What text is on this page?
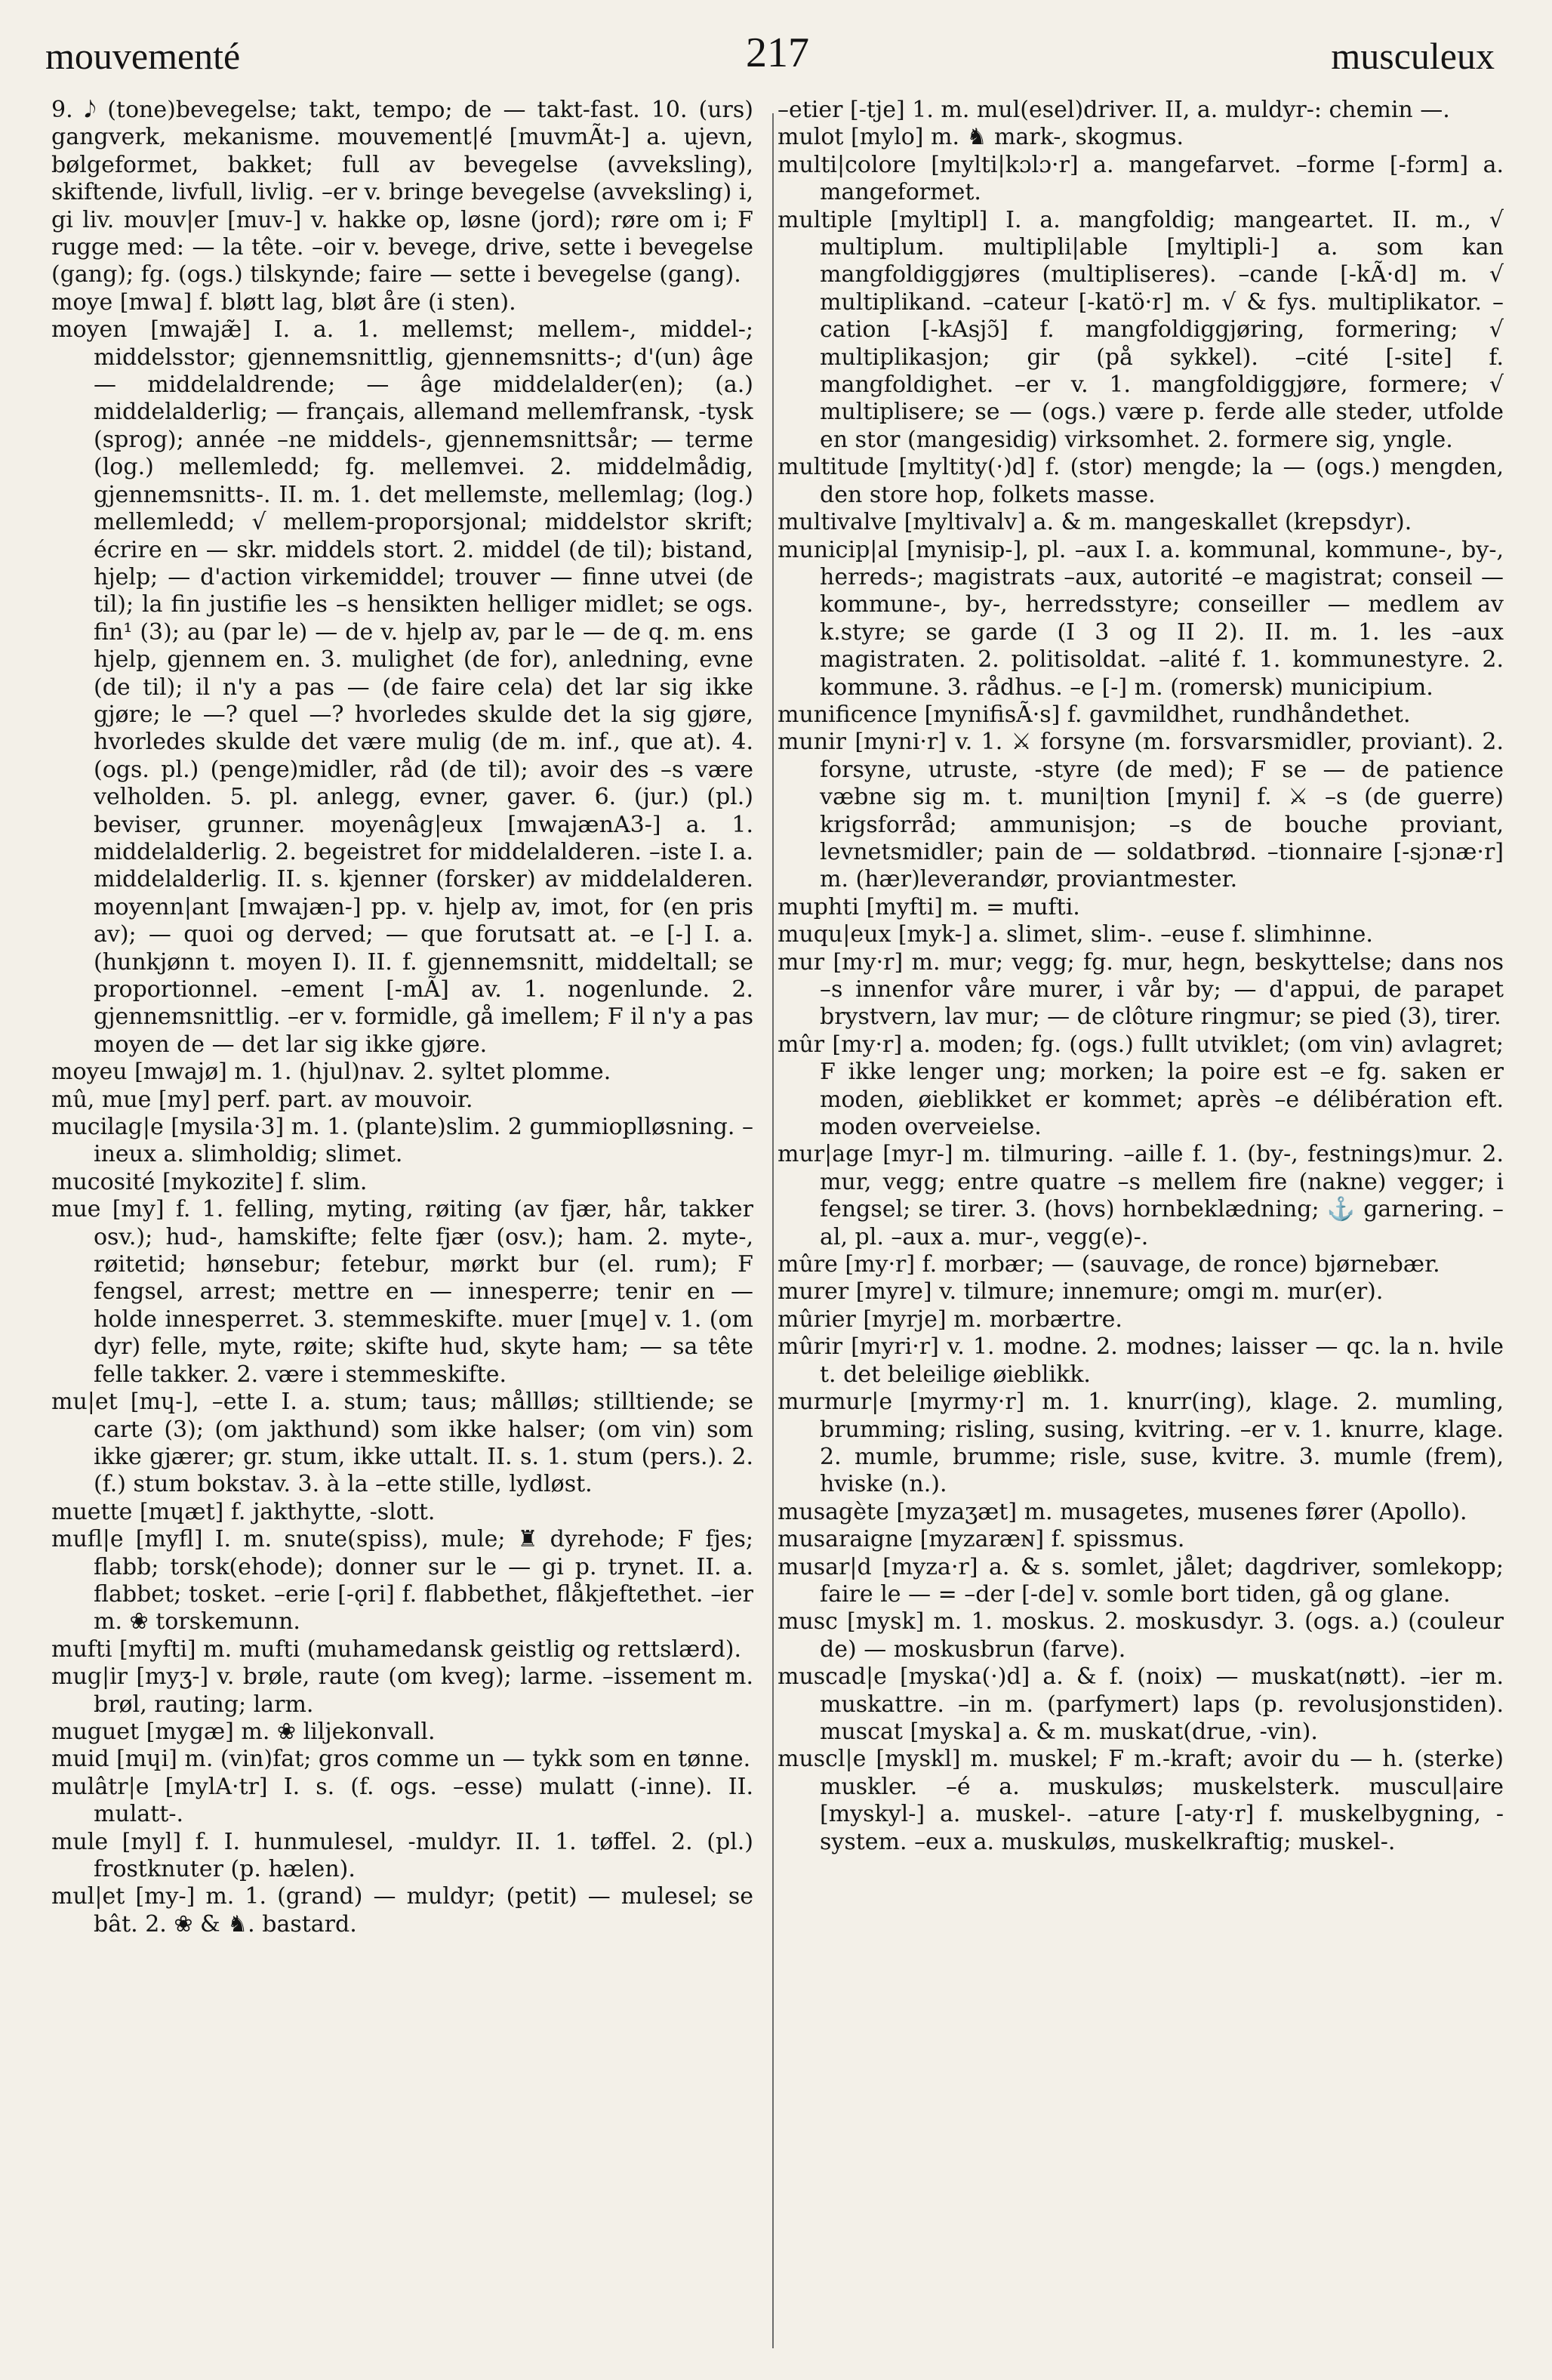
mouvementé	217	musculeux

9. 𝅘𝅥𝅮 (tone)bevegelse; takt, tempo; de — takt-fast. 10. (urs) gangverk, mekanisme. mouvement|é [muvmÃt-] a. ujevn, bølgeformet, bakket; full av bevegelse (avveksling), skiftende, livfull, livlig. –er v. bringe bevegelse (avveksling) i, gi liv. mouv|er [muv-] v. hakke op, løsne (jord); røre om i; F rugge med: — la tête. –oir v. bevege, drive, sette i bevegelse (gang); fg. (ogs.) tilskynde; faire — sette i bevegelse (gang).

moye [mwa] f. bløtt lag, bløt åre (i sten).

moyen [mwajæ̃] I. a. 1. mellemst; mellem-, middel-; middelsstor; gjennemsnittlig, gjennemsnitts-; d'(un) âge — middelaldrende; — âge middelalder(en); (a.) middelalderlig; — français, allemand mellemfransk, -tysk (sprog); année –ne middels-, gjennemsnittsår; — terme (log.) mellemledd; fg. mellemvei. 2. middelmådig, gjennemsnitts-. II. m. 1. det mellemste, mellemlag; (log.) mellemledd; √ mellem-proporsjonal; middelstor skrift; écrire en — skr. middels stort. 2. middel (de til); bistand, hjelp; — d'action virkemiddel; trouver — finne utvei (de til); la fin justifie les –s hensikten helliger midlet; se ogs. fin¹ (3); au (par le) — de v. hjelp av, par le — de q. m. ens hjelp, gjennem en. 3. mulighet (de for), anledning, evne (de til); il n'y a pas — (de faire cela) det lar sig ikke gjøre; le —? quel —? hvorledes skulde det la sig gjøre, hvorledes skulde det være mulig (de m. inf., que at). 4. (ogs. pl.) (penge)midler, råd (de til); avoir des –s være velholden. 5. pl. anlegg, evner, gaver. 6. (jur.) (pl.) beviser, grunner. moyenâg|eux [mwajænA3-] a. 1. middelalderlig. 2. begeistret for middelalderen. –iste I. a. middelalderlig. II. s. kjenner (forsker) av middelalderen. moyenn|ant [mwajæn-] pp. v. hjelp av, imot, for (en pris av); — quoi og derved; — que forutsatt at. –e [-] I. a. (hunkjønn t. moyen I). II. f. gjennemsnitt, middeltall; se proportionnel. –ement [-mÃ] av. 1. nogenlunde. 2. gjennemsnittlig. –er v. formidle, gå imellem; F il n'y a pas moyen de — det lar sig ikke gjøre.

moyeu [mwajø] m. 1. (hjul)nav. 2. syltet plomme.

mû, mue [my] perf. part. av mouvoir.

mucilag|e [mysila·3] m. 1. (plante)slim. 2 gummioplløsning. –ineux a. slimholdig; slimet.

mucosité [mykozite] f. slim.

mue [my] f. 1. felling, myting, røiting (av fjær, hår, takker osv.); hud-, hamskifte; felte fjær (osv.); ham. 2. myte-, røitetid; hønsebur; fetebur, mørkt bur (el. rum); F fengsel, arrest; mettre en — innesperre; tenir en — holde innesperret. 3. stemmeskifte. muer [mɥe] v. 1. (om dyr) felle, myte, røite; skifte hud, skyte ham; — sa tête felle takker. 2. være i stemmeskifte.

mu|et [mɥ-], –ette I. a. stum; taus; mållløs; stilltiende; se carte (3); (om jakthund) som ikke halser; (om vin) som ikke gjærer; gr. stum, ikke uttalt. II. s. 1. stum (pers.). 2. (f.) stum bokstav. 3. à la –ette stille, lydløst.

muette [mɥæt] f. jakthytte, -slott.

mufl|e [myfl] I. m. snute(spiss), mule; ♜ dyrehode; F fjes; flabb; torsk(ehode); donner sur le — gi p. trynet. II. a. flabbet; tosket. –erie [-ǫri] f. flabbethet, flåkjeftethet. –ier m. ❀ torskemunn.

mufti [myfti] m. mufti (muhamedansk geistlig og rettslærd).

mug|ir [myʒ-] v. brøle, raute (om kveg); larme. –issement m. brøl, rauting; larm.

muguet [mygæ] m. ❀ liljekonvall.

muid [mɥi] m. (vin)fat; gros comme un — tykk som en tønne.

mulâtr|e [mylA·tr] I. s. (f. ogs. –esse) mulatt (-inne). II. mulatt-.

mule [myl] f. I. hunmulesel, -muldyr. II. 1. tøffel. 2. (pl.) frostknuter (p. hælen).

mul|et [my-] m. 1. (grand) — muldyr; (petit) — mulesel; se bât. 2. ❀ & ♞. bastard.

–etier [-tje] 1. m. mul(esel)driver. II, a. muldyr-: chemin —.

mulot [mylo] m. ♞ mark-, skogmus.

multi|colore [mylti|kɔlɔ·r] a. mangefarvet. –forme [-fɔrm] a. mangeformet.

multiple [myltipl] I. a. mangfoldig; mangeartet. II. m., √ multiplum. multipli|able [myltipli-] a. som kan mangfoldiggjøres (multipliseres). –cande [-kÃ·d] m. √ multiplikand. –cateur [-katö·r] m. √ & fys. multiplikator. –cation [-kAsjɔ̃] f. mangfoldiggjøring, formering; √ multiplikasjon; gir (på sykkel). –cité [-site] f. mangfoldighet. –er v. 1. mangfoldiggjøre, formere; √ multiplisere; se — (ogs.) være p. ferde alle steder, utfolde en stor (mangesidig) virksomhet. 2. formere sig, yngle.

multitude [myltity(·)d] f. (stor) mengde; la — (ogs.) mengden, den store hop, folkets masse.

multivalve [myltivalv] a. & m. mangeskallet (krepsdyr).

municip|al [mynisip-], pl. –aux I. a. kommunal, kommune-, by-, herreds-; magistrats –aux, autorité –e magistrat; conseil — kommune-, by-, herredsstyre; conseiller — medlem av k.styre; se garde (I 3 og II 2). II. m. 1. les –aux magistraten. 2. politisoldat. –alité f. 1. kommunestyre. 2. kommune. 3. rådhus. –e [-] m. (romersk) municipium.

munificence [mynifisÃ·s] f. gavmildhet, rundhåndethet.

munir [myni·r] v. 1. ⚔ forsyne (m. forsvarsmidler, proviant). 2. forsyne, utruste, -styre (de med); F se — de patience væbne sig m. t. muni|tion [myni] f. ⚔ –s (de guerre) krigsforråd; ammunisjon; –s de bouche proviant, levnetsmidler; pain de — soldatbrød. –tionnaire [-sjɔnæ·r] m. (hær)leverandør, proviantmester.

muphti [myfti] m. = mufti.

muqu|eux [myk-] a. slimet, slim-. –euse f. slimhinne.

mur [my·r] m. mur; vegg; fg. mur, hegn, beskyttelse; dans nos –s innenfor våre murer, i vår by; — d'appui, de parapet brystvern, lav mur; — de clôture ringmur; se pied (3), tirer.

mûr [my·r] a. moden; fg. (ogs.) fullt utviklet; (om vin) avlagret; F ikke lenger ung; morken; la poire est –e fg. saken er moden, øieblikket er kommet; après –e délibération eft. moden overveielse.

mur|age [myr-] m. tilmuring. –aille f. 1. (by-, festnings)mur. 2. mur, vegg; entre quatre –s mellem fire (nakne) vegger; i fengsel; se tirer. 3. (hovs) hornbeklædning; ⚓ garnering. –al, pl. –aux a. mur-, vegg(e)-.

mûre [my·r] f. morbær; — (sauvage, de ronce) bjørnebær.

murer [myre] v. tilmure; innemure; omgi m. mur(er).

mûrier [myrje] m. morbærtre.

mûrir [myri·r] v. 1. modne. 2. modnes; laisser — qc. la n. hvile t. det beleilige øieblikk.

murmur|e [myrmy·r] m. 1. knurr(ing), klage. 2. mumling, brumming; risling, susing, kvitring. –er v. 1. knurre, klage. 2. mumle, brumme; risle, suse, kvitre. 3. mumle (frem), hviske (n.).

musagète [myzaʒæt] m. musagetes, musenes fører (Apollo).

musaraigne [myzaræɴ] f. spissmus.

musar|d [myza·r] a. & s. somlet, jålet; dagdriver, somlekopp; faire le — = –der [-de] v. somle bort tiden, gå og glane.

musc [mysk] m. 1. moskus. 2. moskusdyr. 3. (ogs. a.) (couleur de) — moskusbrun (farve).

muscad|e [myska(·)d] a. & f. (noix) — muskat(nøtt). –ier m. muskattre. –in m. (parfymert) laps (p. revolusjonstiden). muscat [myska] a. & m. muskat(drue, -vin).

muscl|e [myskl] m. muskel; F m.-kraft; avoir du — h. (sterke) muskler. –é a. muskuløs; muskelsterk. muscul|aire [myskyl-] a. muskel-. –ature [-aty·r] f. muskelbygning, -system. –eux a. muskuløs, muskelkraftig; muskel-.
